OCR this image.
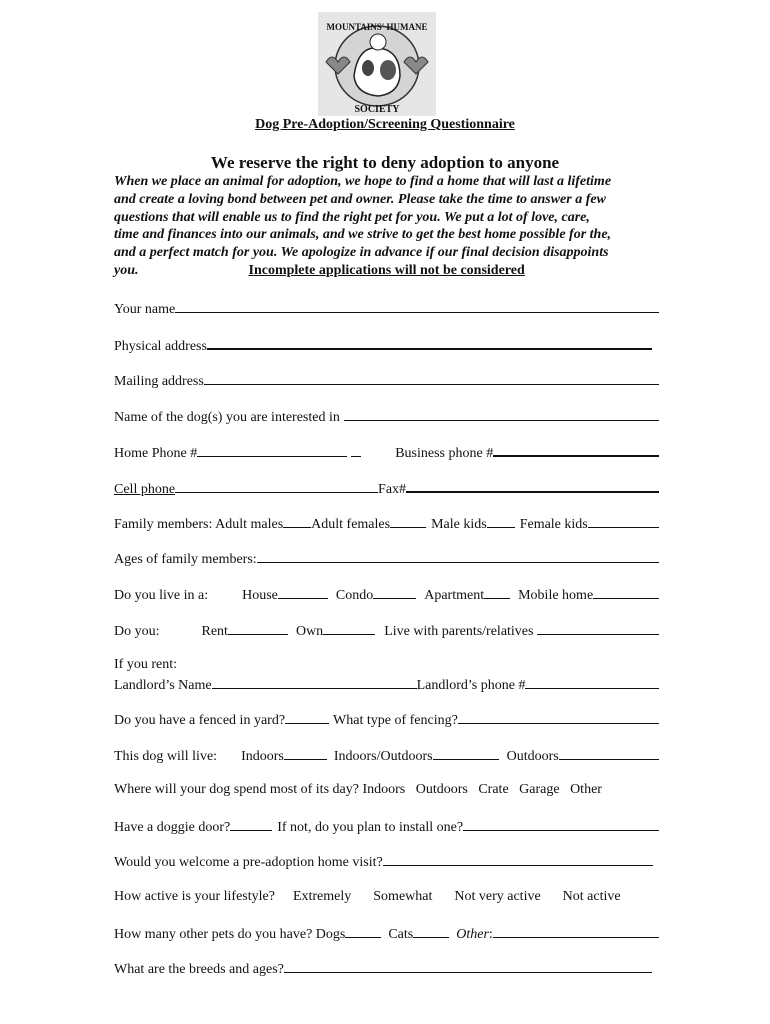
MOUNTAINS' HUMANE
SOCIETY
Dog Pre-Adoption/Screening Questionnaire
We reserve the right to deny adoption to anyone
When we place an animal for adoption, we hope to find a home that will last a lifetime
and create a loving bond between pet and owner. Please take the time to answer a few
questions that will enable us to find the right pet for you. We put a lot of love, care,
time and finances into our animals, and we strive to get the best home possible for the,
and a perfect match for you. We apologize in advance if our final decision disappoints
you.	Incomplete applications will not be considered
Your name
Physical address
Mailing address
Name of the dog(s) you are interested in
Home Phone #	Business phone #
Cell phone	Fax#
Family members: Adult males Adult females	Male kids Female kids
Ages of family members:
Do you live in a: House	Condo	Apartment Mobile home
Do you:	Rent	Own	Live with parents/relatives
If you rent:
Landlord’s Name	Landlord’s phone #
Do you have a fenced in yard?	What type of fencing?
This dog will live: Indoors	Indoors/Outdoors	Outdoors
Where will your dog spend most of its day? Indoors   Outdoors   Crate   Garage   Other
Have a doggie door?	If not, do you plan to install one?
Would you welcome a pre-adoption home visit?
How active is your lifestyle? Extremely Somewhat Not very active Not active
How many other pets do you have? Dogs	Cats	Other :
What are the breeds and ages?
